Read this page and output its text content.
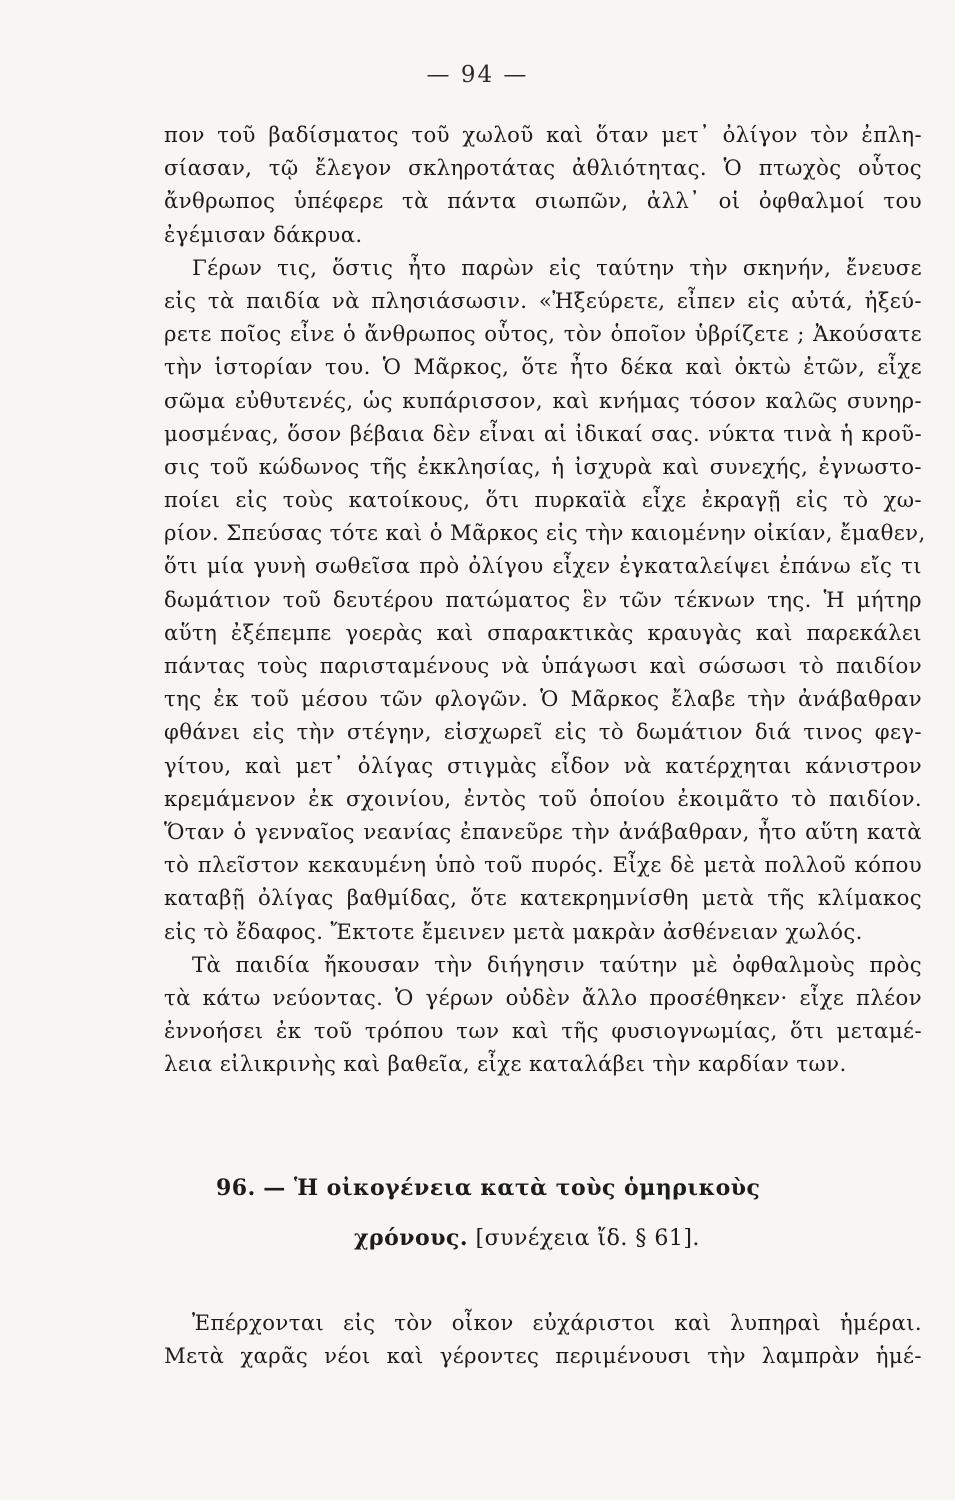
— 94 —
πον τοῦ βαδίσματος τοῦ χωλοῦ καὶ ὅταν μετ᾽ ὀλίγον τὸν ἐπλη-
σίασαν, τῷ ἔλεγον σκληροτάτας ἀθλιότητας. Ὁ πτωχὸς οὗτος
ἄνθρωπος ὑπέφερε τὰ πάντα σιωπῶν, ἀλλ᾽ οἱ ὀφθαλμοί του
ἐγέμισαν δάκρυα.
Γέρων τις, ὅστις ἦτο παρὼν εἰς ταύτην τὴν σκηνήν, ἔνευσε
εἰς τὰ παιδία νὰ πλησιάσωσιν. «Ἠξεύρετε, εἶπεν εἰς αὐτά, ἠξεύ-
ρετε ποῖος εἶνε ὁ ἄνθρωπος οὗτος, τὸν ὁποῖον ὑβρίζετε ; Ἀκούσατε
τὴν ἱστορίαν του. Ὁ Μᾶρκος, ὅτε ἦτο δέκα καὶ ὀκτὼ ἐτῶν, εἶχε
σῶμα εὐθυτενές, ὡς κυπάρισσον, καὶ κνήμας τόσον καλῶς συνηρ-
μοσμένας, ὅσον βέβαια δὲν εἶναι αἱ ἰδικαί σας. νύκτα τινὰ ἡ κροῦ-
σις τοῦ κώδωνος τῆς ἐκκλησίας, ἡ ἰσχυρὰ καὶ συνεχής, ἐγνωστο-
ποίει εἰς τοὺς κατοίκους, ὅτι πυρκαϊὰ εἶχε ἐκραγῇ εἰς τὸ χω-
ρίον. Σπεύσας τότε καὶ ὁ Μᾶρκος εἰς τὴν καιομένην οἰκίαν, ἔμαθεν,
ὅτι μία γυνὴ σωθεῖσα πρὸ ὀλίγου εἶχεν ἐγκαταλείψει ἐπάνω εἴς τι
δωμάτιον τοῦ δευτέρου πατώματος ἓν τῶν τέκνων της. Ἡ μήτηρ
αὕτη ἐξέπεμπε γοερὰς καὶ σπαρακτικὰς κραυγὰς καὶ παρεκάλει
πάντας τοὺς παρισταμένους νὰ ὑπάγωσι καὶ σώσωσι τὸ παιδίον
της ἐκ τοῦ μέσου τῶν φλογῶν. Ὁ Μᾶρκος ἔλαβε τὴν ἀνάβαθραν
φθάνει εἰς τὴν στέγην, εἰσχωρεῖ εἰς τὸ δωμάτιον διά τινος φεγ-
γίτου, καὶ μετ᾽ ὀλίγας στιγμὰς εἶδον νὰ κατέρχηται κάνιστρον
κρεμάμενον ἐκ σχοινίου, ἐντὸς τοῦ ὁποίου ἐκοιμᾶτο τὸ παιδίον.
Ὅταν ὁ γενναῖος νεανίας ἐπανεῦρε τὴν ἀνάβαθραν, ἦτο αὕτη κατὰ
τὸ πλεῖστον κεκαυμένη ὑπὸ τοῦ πυρός. Εἶχε δὲ μετὰ πολλοῦ κόπου
καταβῇ ὀλίγας βαθμίδας, ὅτε κατεκρημνίσθη μετὰ τῆς κλίμακος
εἰς τὸ ἔδαφος. Ἔκτοτε ἔμεινεν μετὰ μακρὰν ἀσθένειαν χωλός.
Τὰ παιδία ἤκουσαν τὴν διήγησιν ταύτην μὲ ὀφθαλμοὺς πρὸς
τὰ κάτω νεύοντας. Ὁ γέρων οὐδὲν ἄλλο προσέθηκεν· εἶχε πλέον
ἐννοήσει ἐκ τοῦ τρόπου των καὶ τῆς φυσιογνωμίας, ὅτι μεταμέ-
λεια εἰλικρινὴς καὶ βαθεῖα, εἶχε καταλάβει τὴν καρδίαν των.
96. — Ἡ οἰκογένεια κατὰ τοὺς ὁμηρικοὺς
χρόνους. [συνέχεια ἴδ. § 61].
Ἐπέρχονται εἰς τὸν οἶκον εὐχάριστοι καὶ λυπηραὶ ἡμέραι.
Μετὰ χαρᾶς νέοι καὶ γέροντες περιμένουσι τὴν λαμπρὰν ἡμέ-
